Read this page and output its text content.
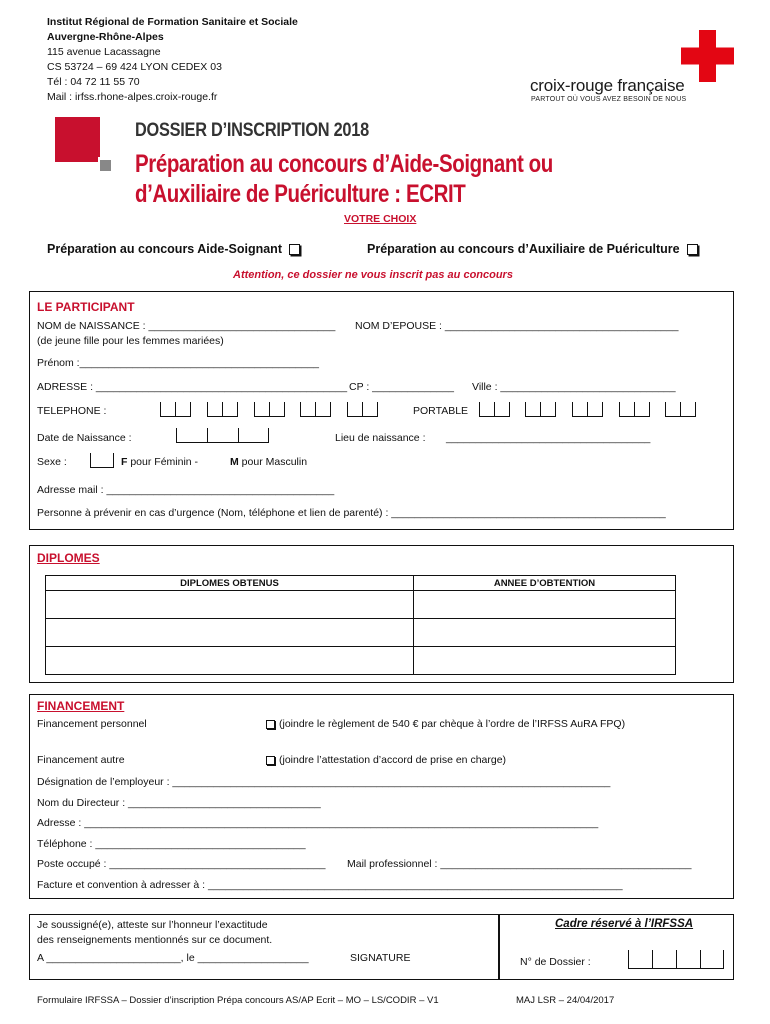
Institut Régional de Formation Sanitaire et Sociale
Auvergne-Rhône-Alpes
115 avenue Lacassagne
CS 53724 – 69 424 LYON CEDEX 03
Tél : 04 72 11 55 70
Mail : irfss.rhone-alpes.croix-rouge.fr
croix-rouge française
PARTOUT OÙ VOUS AVEZ BESOIN DE NOUS
DOSSIER D’INSCRIPTION 2018
Préparation au concours d’Aide-Soignant ou
d’Auxiliaire de Puériculture : ECRIT
VOTRE CHOIX
Préparation au concours Aide-Soignant	Préparation au concours d’Auxiliaire de Puériculture
Attention, ce dossier ne vous inscrit pas au concours
LE PARTICIPANT
NOM de NAISSANCE : ________________________________ NOM D’EPOUSE : ________________________________________
(de jeune fille pour les femmes mariées)
Prénom :_________________________________________
ADRESSE : ___________________________________________ CP : ______________ Ville : ______________________________
TELEPHONE :	PORTABLE
Date de Naissance :	Lieu de naissance : ___________________________________
Sexe :	F pour Féminin -	M pour Masculin
Adresse mail : _______________________________________
Personne à prévenir en cas d’urgence (Nom, téléphone et lien de parenté) : _______________________________________________
DIPLOMES
DIPLOMES OBTENUS	ANNEE D’OBTENTION

FINANCEMENT
Financement personnel	(joindre le règlement de 540 € par chèque à l’ordre de l’IRFSS AuRA FPQ)
Financement autre	(joindre l’attestation d’accord de prise en charge)
Désignation de l’employeur : ___________________________________________________________________________
Nom du Directeur : _________________________________
Adresse : ________________________________________________________________________________________
Téléphone : ____________________________________
Poste occupé : _____________________________________ Mail professionnel : ___________________________________________
Facture et convention à adresser à : _______________________________________________________________________
Je soussigné(e), atteste sur l’honneur l’exactitude
des renseignements mentionnés sur ce document.
A _______________________, le ___________________	SIGNATURE
Cadre réservé à l’IRFSSA
N° de Dossier :
Formulaire IRFSSA – Dossier d’inscription Prépa concours AS/AP Ecrit – MO – LS/CODIR – V1	MAJ LSR – 24/04/2017
